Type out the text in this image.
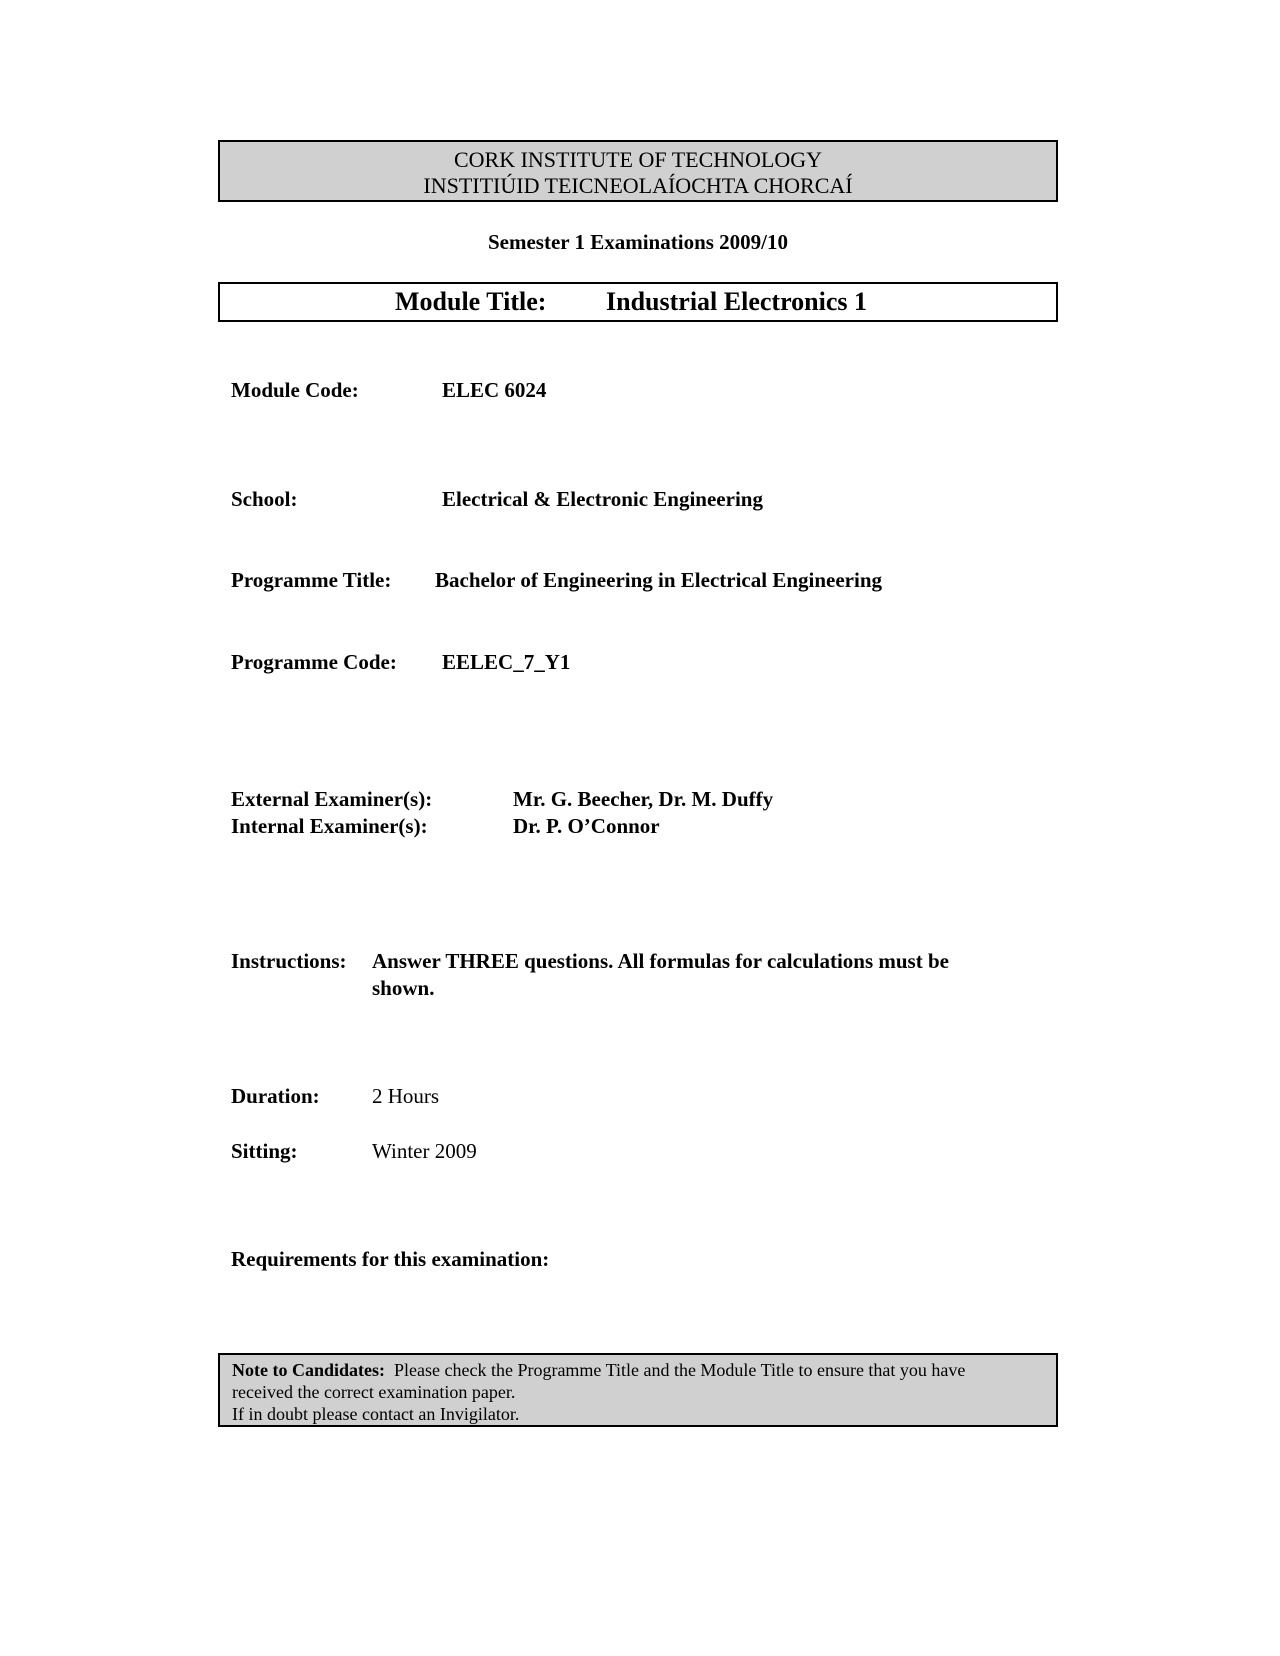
CORK INSTITUTE OF TECHNOLOGY
INSTITIÚID TEICNEOLAÍOCHTA CHORCAÍ
Semester 1 Examinations 2009/10
Module Title: Industrial Electronics 1
Module Code:	ELEC 6024
School:	Electrical & Electronic Engineering
Programme Title: Bachelor of Engineering in Electrical Engineering
Programme Code: EELEC_7_Y1
External Examiner(s):	Mr. G. Beecher, Dr. M. Duffy
Internal Examiner(s):	Dr. P. O’Connor
Instructions: Answer THREE questions. All formulas for calculations must be
shown.
Duration: 2 Hours
Sitting:	Winter 2009
Requirements for this examination:
Note to Candidates: Please check the Programme Title and the Module Title to ensure that you have
received the correct examination paper.
If in doubt please contact an Invigilator.
